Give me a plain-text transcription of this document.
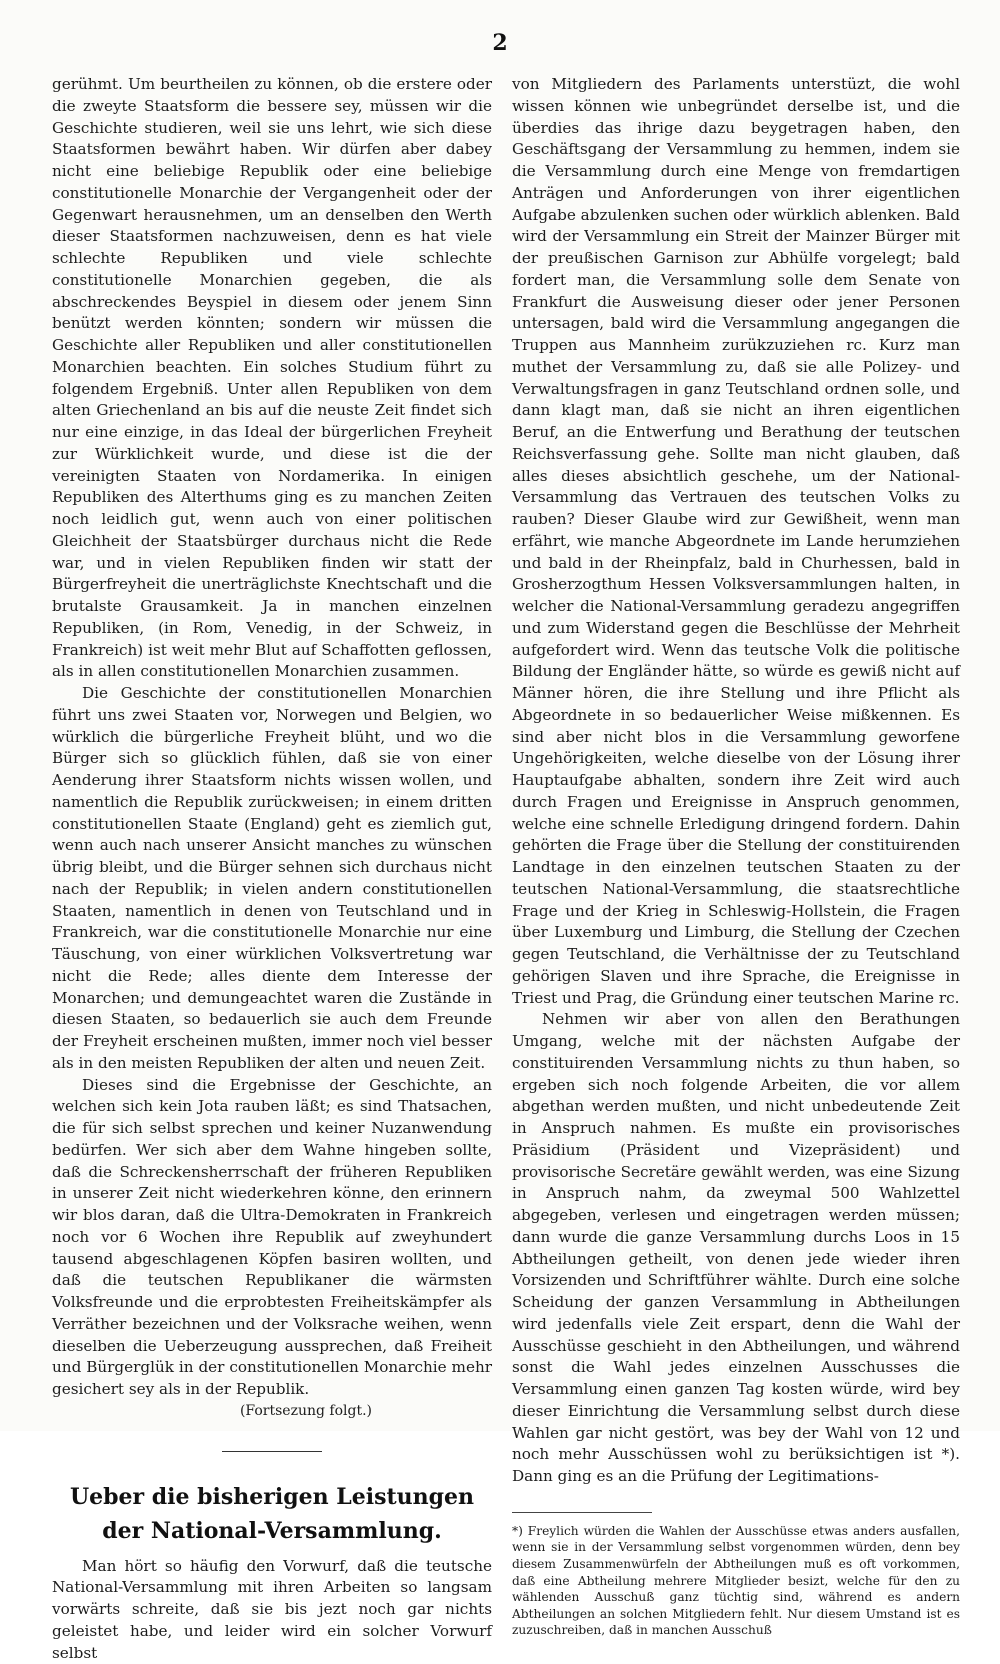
2

gerühmt. Um beurtheilen zu können, ob die erstere oder die zweyte Staatsform die bessere sey, müssen wir die Geschichte studieren, weil sie uns lehrt, wie sich diese Staatsformen bewährt haben. Wir dürfen aber dabey nicht eine beliebige Republik oder eine beliebige constitutionelle Monarchie der Vergangenheit oder der Gegenwart herausnehmen, um an denselben den Werth dieser Staatsformen nachzuweisen, denn es hat viele schlechte Republiken und viele schlechte constitutionelle Monarchien gegeben, die als abschreckendes Beyspiel in diesem oder jenem Sinn benützt werden könnten; sondern wir müssen die Geschichte aller Republiken und aller constitutionellen Monarchien beachten. Ein solches Studium führt zu folgendem Ergebniß. Unter allen Republiken von dem alten Griechenland an bis auf die neuste Zeit findet sich nur eine einzige, in das Ideal der bürgerlichen Freyheit zur Würklichkeit wurde, und diese ist die der vereinigten Staaten von Nordamerika. In einigen Republiken des Alterthums ging es zu manchen Zeiten noch leidlich gut, wenn auch von einer politischen Gleichheit der Staatsbürger durchaus nicht die Rede war, und in vielen Republiken finden wir statt der Bürgerfreyheit die unerträglichste Knechtschaft und die brutalste Grausamkeit. Ja in manchen einzelnen Republiken, (in Rom, Venedig, in der Schweiz, in Frankreich) ist weit mehr Blut auf Schaffotten geflossen, als in allen constitutionellen Monarchien zusammen.

Die Geschichte der constitutionellen Monarchien führt uns zwei Staaten vor, Norwegen und Belgien, wo würklich die bürgerliche Freyheit blüht, und wo die Bürger sich so glücklich fühlen, daß sie von einer Aenderung ihrer Staatsform nichts wissen wollen, und namentlich die Republik zurückweisen; in einem dritten constitutionellen Staate (England) geht es ziemlich gut, wenn auch nach unserer Ansicht manches zu wünschen übrig bleibt, und die Bürger sehnen sich durchaus nicht nach der Republik; in vielen andern constitutionellen Staaten, namentlich in denen von Teutschland und in Frankreich, war die constitutionelle Monarchie nur eine Täuschung, von einer würklichen Volksvertretung war nicht die Rede; alles diente dem Interesse der Monarchen; und demungeachtet waren die Zustände in diesen Staaten, so bedauerlich sie auch dem Freunde der Freyheit erscheinen mußten, immer noch viel besser als in den meisten Republiken der alten und neuen Zeit.

Dieses sind die Ergebnisse der Geschichte, an welchen sich kein Jota rauben läßt; es sind Thatsachen, die für sich selbst sprechen und keiner Nuzanwendung bedürfen. Wer sich aber dem Wahne hingeben sollte, daß die Schreckensherrschaft der früheren Republiken in unserer Zeit nicht wiederkehren könne, den erinnern wir blos daran, daß die Ultra-Demokraten in Frankreich noch vor 6 Wochen ihre Republik auf zweyhundert tausend abgeschlagenen Köpfen basiren wollten, und daß die teutschen Republikaner die wärmsten Volksfreunde und die erprobtesten Freiheitskämpfer als Verräther bezeichnen und der Volksrache weihen, wenn dieselben die Ueberzeugung aussprechen, daß Freiheit und Bürgerglük in der constitutionellen Monarchie mehr gesichert sey als in der Republik.

(Fortsezung folgt.)

Ueber die bisherigen Leistungen der National-Versammlung.

Man hört so häufig den Vorwurf, daß die teutsche National-Versammlung mit ihren Arbeiten so langsam vorwärts schreite, daß sie bis jezt noch gar nichts geleistet habe, und leider wird ein solcher Vorwurf selbst

von Mitgliedern des Parlaments unterstüzt, die wohl wissen können wie unbegründet derselbe ist, und die überdies das ihrige dazu beygetragen haben, den Geschäftsgang der Versammlung zu hemmen, indem sie die Versammlung durch eine Menge von fremdartigen Anträgen und Anforderungen von ihrer eigentlichen Aufgabe abzulenken suchen oder würklich ablenken. Bald wird der Versammlung ein Streit der Mainzer Bürger mit der preußischen Garnison zur Abhülfe vorgelegt; bald fordert man, die Versammlung solle dem Senate von Frankfurt die Ausweisung dieser oder jener Personen untersagen, bald wird die Versammlung angegangen die Truppen aus Mannheim zurükzuziehen rc. Kurz man muthet der Versammlung zu, daß sie alle Polizey- und Verwaltungsfragen in ganz Teutschland ordnen solle, und dann klagt man, daß sie nicht an ihren eigentlichen Beruf, an die Entwerfung und Berathung der teutschen Reichsverfassung gehe. Sollte man nicht glauben, daß alles dieses absichtlich geschehe, um der National-Versammlung das Vertrauen des teutschen Volks zu rauben? Dieser Glaube wird zur Gewißheit, wenn man erfährt, wie manche Abgeordnete im Lande herumziehen und bald in der Rheinpfalz, bald in Churhessen, bald in Grosherzogthum Hessen Volksversammlungen halten, in welcher die National-Versammlung geradezu angegriffen und zum Widerstand gegen die Beschlüsse der Mehrheit aufgefordert wird. Wenn das teutsche Volk die politische Bildung der Engländer hätte, so würde es gewiß nicht auf Männer hören, die ihre Stellung und ihre Pflicht als Abgeordnete in so bedauerlicher Weise mißkennen. Es sind aber nicht blos in die Versammlung geworfene Ungehörigkeiten, welche dieselbe von der Lösung ihrer Hauptaufgabe abhalten, sondern ihre Zeit wird auch durch Fragen und Ereignisse in Anspruch genommen, welche eine schnelle Erledigung dringend fordern. Dahin gehörten die Frage über die Stellung der constituirenden Landtage in den einzelnen teutschen Staaten zu der teutschen National-Versammlung, die staatsrechtliche Frage und der Krieg in Schleswig-Hollstein, die Fragen über Luxemburg und Limburg, die Stellung der Czechen gegen Teutschland, die Verhältnisse der zu Teutschland gehörigen Slaven und ihre Sprache, die Ereignisse in Triest und Prag, die Gründung einer teutschen Marine rc.

Nehmen wir aber von allen den Berathungen Umgang, welche mit der nächsten Aufgabe der constituirenden Versammlung nichts zu thun haben, so ergeben sich noch folgende Arbeiten, die vor allem abgethan werden mußten, und nicht unbedeutende Zeit in Anspruch nahmen. Es mußte ein provisorisches Präsidium (Präsident und Vizepräsident) und provisorische Secretäre gewählt werden, was eine Sizung in Anspruch nahm, da zweymal 500 Wahlzettel abgegeben, verlesen und eingetragen werden müssen; dann wurde die ganze Versammlung durchs Loos in 15 Abtheilungen getheilt, von denen jede wieder ihren Vorsizenden und Schriftführer wählte. Durch eine solche Scheidung der ganzen Versammlung in Abtheilungen wird jedenfalls viele Zeit erspart, denn die Wahl der Ausschüsse geschieht in den Abtheilungen, und während sonst die Wahl jedes einzelnen Ausschusses die Versammlung einen ganzen Tag kosten würde, wird bey dieser Einrichtung die Versammlung selbst durch diese Wahlen gar nicht gestört, was bey der Wahl von 12 und noch mehr Ausschüssen wohl zu berüksichtigen ist *). Dann ging es an die Prüfung der Legitimations-

*) Freylich würden die Wahlen der Ausschüsse etwas anders ausfallen, wenn sie in der Versammlung selbst vorgenommen würden, denn bey diesem Zusammenwürfeln der Abtheilungen muß es oft vorkommen, daß eine Abtheilung mehrere Mitglieder besizt, welche für den zu wählenden Ausschuß ganz tüchtig sind, während es andern Abtheilungen an solchen Mitgliedern fehlt. Nur diesem Umstand ist es zuzuschreiben, daß in manchen Ausschuß
